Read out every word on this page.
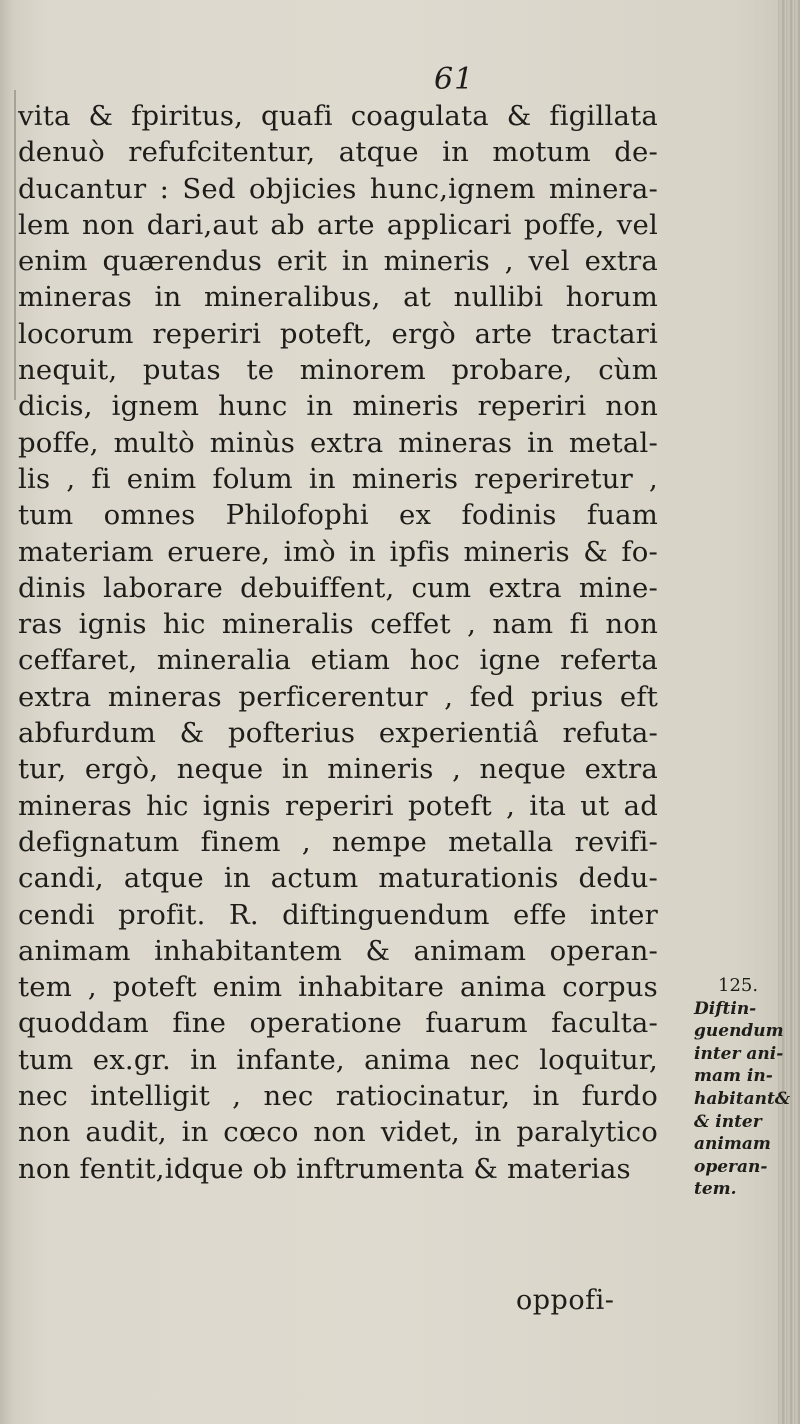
61
vita & fpiritus, quafi coagulata & figillata
denuò refufcitentur, atque in motum de-
ducantur : Sed objicies hunc,ignem minera-
lem non dari,aut ab arte applicari poffe, vel
enim quærendus erit in mineris , vel extra
mineras in mineralibus, at nullibi horum
locorum reperiri poteft, ergò arte tractari
nequit, putas te minorem probare, cùm
dicis, ignem hunc in mineris reperiri non
poffe, multò minùs extra mineras in metal-
lis , fi enim folum in mineris reperiretur ,
tum omnes Philofophi ex fodinis fuam
materiam eruere, imò in ipfis mineris & fo-
dinis laborare debuiffent, cum extra mine-
ras ignis hic mineralis ceffet , nam fi non
ceffaret, mineralia etiam hoc igne referta
extra mineras perficerentur , fed prius eft
abfurdum & pofterius experientiâ refuta-
tur, ergò, neque in mineris , neque extra
mineras hic ignis reperiri poteft , ita ut ad
defignatum finem , nempe metalla revifi-
candi, atque in actum maturationis dedu-
cendi profit. R. diftinguendum effe inter
animam inhabitantem & animam operan-
tem , poteft enim inhabitare anima corpus
quoddam fine operatione fuarum faculta-
tum ex.gr. in infante, anima nec loquitur,
nec intelligit , nec ratiocinatur, in furdo
non audit, in cœco non videt, in paralytico
non fentit,idque ob inftrumenta & materias
125.
Diftin-
guendum
inter ani-
mam in-
habitant&
& inter
animam
operan-
tem.
oppofi-
